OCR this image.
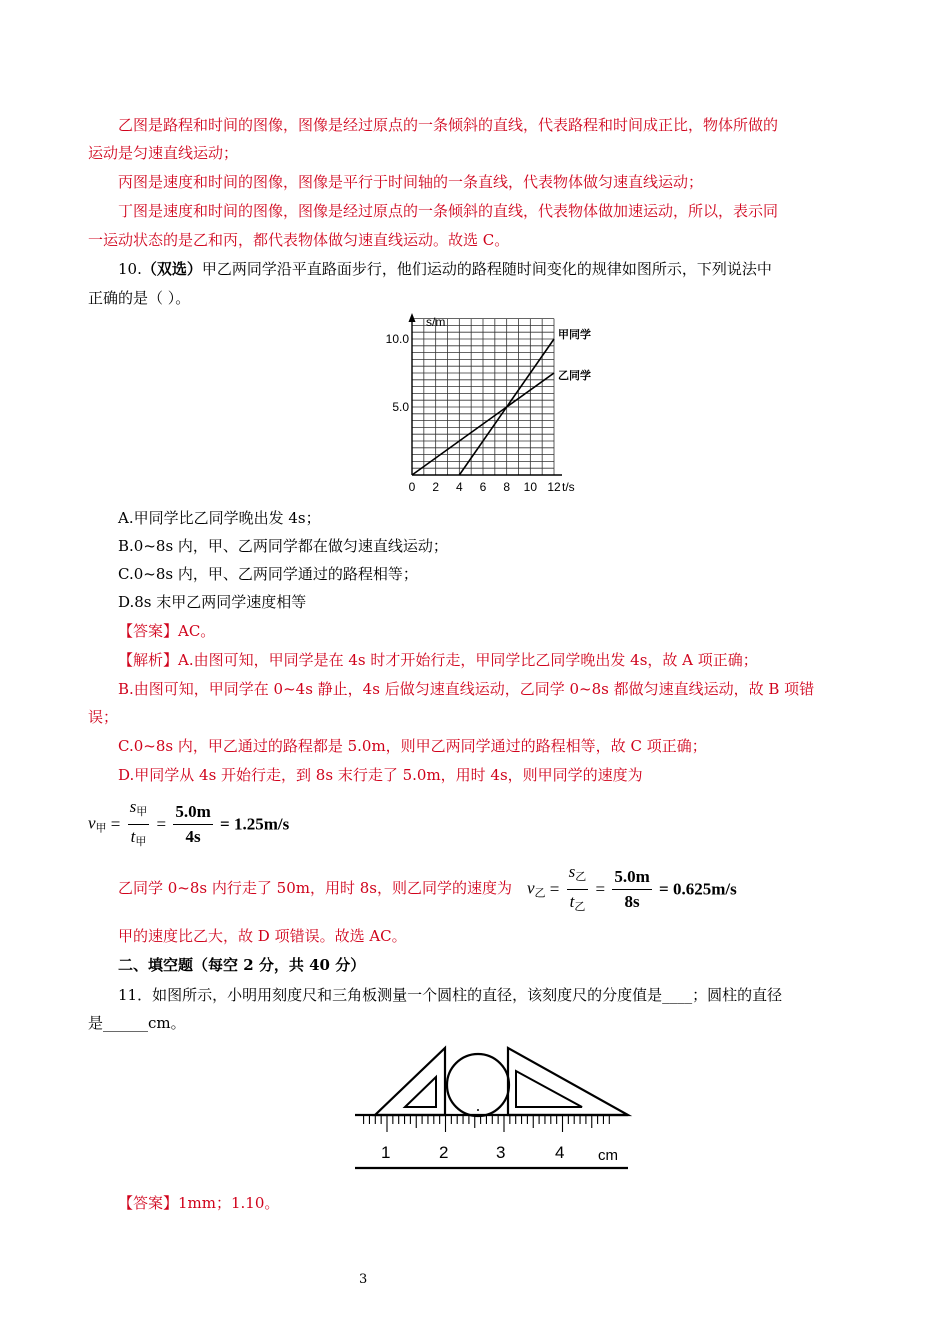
乙图是路程和时间的图像，图像是经过原点的一条倾斜的直线，代表路程和时间成正比，物体所做的
运动是匀速直线运动；
丙图是速度和时间的图像，图像是平行于时间轴的一条直线，代表物体做匀速直线运动；
丁图是速度和时间的图像，图像是经过原点的一条倾斜的直线，代表物体做加速运动，所以，表示同
一运动状态的是乙和丙，都代表物体做匀速直线运动。故选 C。
10.（双选）甲乙两同学沿平直路面步行，他们运动的路程随时间变化的规律如图所示，下列说法中
正确的是（ ）。
s/m
t/s
0 2 4 6 8 10 12
5.0
10.0	甲同学
乙同学
A.甲同学比乙同学晚出发 4s；
B.0~8s 内，甲、乙两同学都在做匀速直线运动；
C.0~8s 内，甲、乙两同学通过的路程相等；
D.8s 末甲乙两同学速度相等
【答案】AC。
【解析】A.由图可知，甲同学是在 4s 时才开始行走，甲同学比乙同学晚出发 4s，故 A 项正确；
B.由图可知，甲同学在 0~4s 静止，4s 后做匀速直线运动，乙同学 0~8s 都做匀速直线运动，故 B 项错
误；
C.0~8s 内，甲乙通过的路程都是 5.0m，则甲乙两同学通过的路程相等，故 C 项正确；
D.甲同学从 4s 开始行走，到 8s 末行走了 5.0m，用时 4s，则甲同学的速度为
$v_甲 = \frac{s_甲}{t_甲} = \frac{5.0m}{4s} = 1.25m/s$
乙同学 0~8s 内行走了 50m，用时 8s，则乙同学的速度为 $v_乙 = \frac{s_乙}{t_乙} = \frac{5.0m}{8s} = 0.625m/s$
甲的速度比乙大，故 D 项错误。故选 AC。
二、填空题（每空 2 分，共 40 分）
11．如图所示，小明用刻度尺和三角板测量一个圆柱的直径，该刻度尺的分度值是____；圆柱的直径
是______cm。
1	2	3	4 cm
【答案】1mm；1.10。
3
